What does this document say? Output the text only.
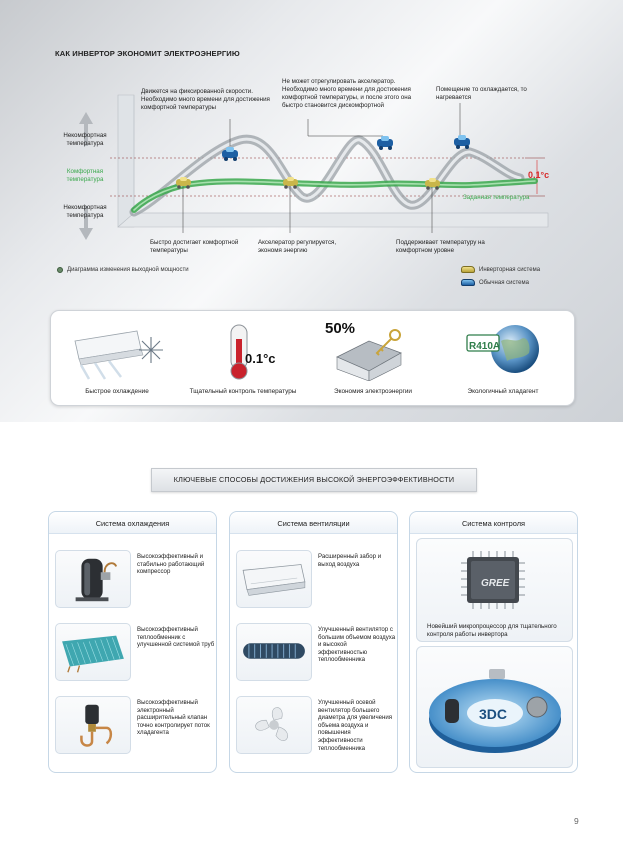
КАК ИНВЕРТОР ЭКОНОМИТ ЭЛЕКТРОЭНЕРГИЮ
Некомфортная температура
Комфортная температура
Некомфортная температура
Заданная температура
0.1°c
Движется на фиксированной скорости. Необходимо много времени для достижения комфортной температуры
Не может отрегулировать акселератор. Необходимо много времени для достижения комфортной температуры, и после этого она быстро становится дискомфортной
Помещение то охлаждается, то нагревается
Быстро достигает комфортной температуры
Акселератор регулируется, экономя энергию
Поддерживает температуру на комфортном уровне
Диаграмма изменения выходной мощности	Инверторная система
Обычная система
Быстрое охлаждение
0.1°c
Тщательный контроль температуры
50%
Экономия электроэнергии
R410A
Экологичный хладагент
КЛЮЧЕВЫЕ СПОСОБЫ ДОСТИЖЕНИЯ ВЫСОКОЙ ЭНЕРГОЭФФЕКТИВНОСТИ
Система охлаждения
Высокоэффективный и стабильно работающий компрессор
Высокоэффективный теплообменник с улучшенной системой труб
Высокоэффективный электронный расширительный клапан точно контролирует поток хладагента
Система вентиляции
Расширенный забор и выход воздуха
Улучшенный вентилятор с большим объемом воздуха и высокой эффективностью теплообменника
Улучшенный осевой вентилятор большего диаметра для увеличения объема воздуха и повышения эффективности теплообменника
Система контроля
GREE
Новейший микропроцессор для тщательного контроля работы инвертора
3DC
9
